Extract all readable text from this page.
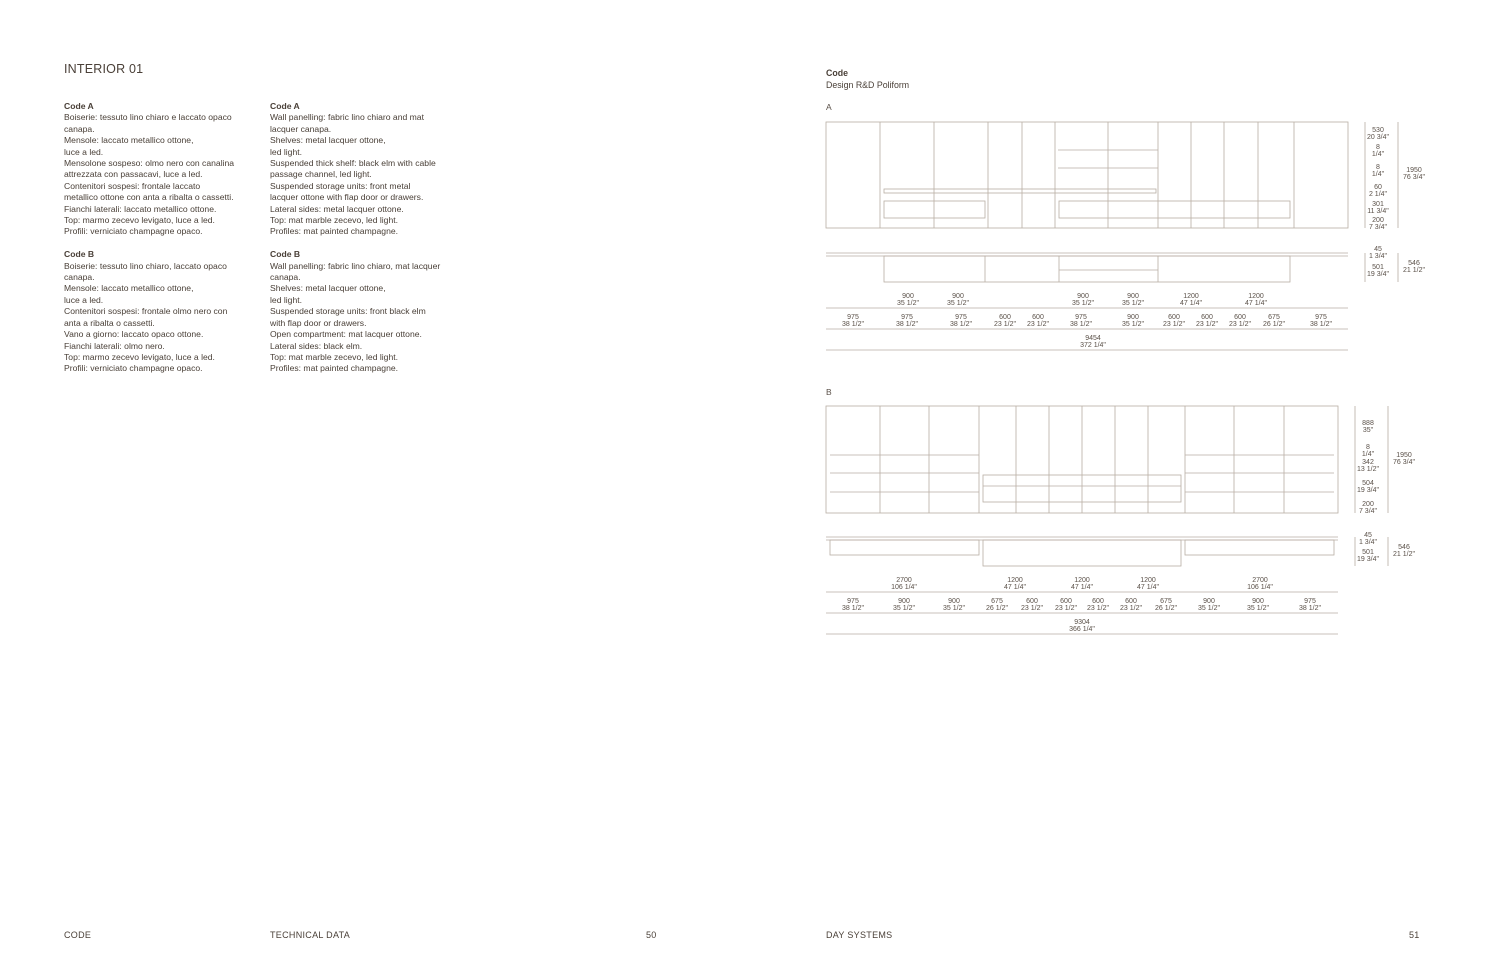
INTERIOR 01
Code A
Boiserie: tessuto lino chiaro e laccato opaco
canapa.
Mensole: laccato metallico ottone,
luce a led.
Mensolone sospeso: olmo nero con canalina
attrezzata con passacavi, luce a led.
Contenitori sospesi: frontale laccato
metallico ottone con anta a ribalta o cassetti.
Fianchi laterali: laccato metallico ottone.
Top: marmo zecevo levigato, luce a led.
Profili: verniciato champagne opaco.
Code B
Boiserie: tessuto lino chiaro, laccato opaco
canapa.
Mensole: laccato metallico ottone,
luce a led.
Contenitori sospesi: frontale olmo nero con
anta a ribalta o cassetti.
Vano a giorno: laccato opaco ottone.
Fianchi laterali: olmo nero.
Top: marmo zecevo levigato, luce a led.
Profili: verniciato champagne opaco.
Code A
Wall panelling: fabric lino chiaro and mat
lacquer canapa.
Shelves: metal lacquer ottone,
led light.
Suspended thick shelf: black elm with cable
passage channel, led light.
Suspended storage units: front metal
lacquer ottone with flap door or drawers.
Lateral sides: metal lacquer ottone.
Top: mat marble zecevo, led light.
Profiles: mat painted champagne.
Code B
Wall panelling: fabric lino chiaro, mat lacquer
canapa.
Shelves: metal lacquer ottone,
led light.
Suspended storage units: front black elm
with flap door or drawers.
Open compartment: mat lacquer ottone.
Lateral sides: black elm.
Top: mat marble zecevo, led light.
Profiles: mat painted champagne.
Code
Design R&D Poliform
A
B
900
35 1/2"
900
35 1/2"
900
35 1/2"
900
35 1/2"
1200
47 1/4"
1200
47 1/4"
975
38 1/2"
975
38 1/2"
975
38 1/2"
600
23 1/2"
600
23 1/2"
975
38 1/2"
900
35 1/2"
600
23 1/2"
600
23 1/2"
600
23 1/2"
675
26 1/2"
975
38 1/2"
9454
372 1/4"
530
20 3/4"
8
1/4"
8
1/4"
60
2 1/4"
301
11 3/4"
200
7 3/4"
1950
76 3/4"
45
1 3/4"
501
19 3/4"
546
21 1/2"
2700
106 1/4"
1200
47 1/4"
1200
47 1/4"
1200
47 1/4"
2700
106 1/4"
975
38 1/2"
900
35 1/2"
900
35 1/2"
675
26 1/2"
600
23 1/2"
600
23 1/2"
600
23 1/2"
600
23 1/2"
675
26 1/2"
900
35 1/2"
900
35 1/2"
975
38 1/2"
9304
366 1/4"
888
35"
8
1/4"
342
13 1/2"
504
19 3/4"
200
7 3/4"
1950
76 3/4"
45
1 3/4"
501
19 3/4"
546
21 1/2"
CODE	TECHNICAL DATA	50	DAY SYSTEMS	51
